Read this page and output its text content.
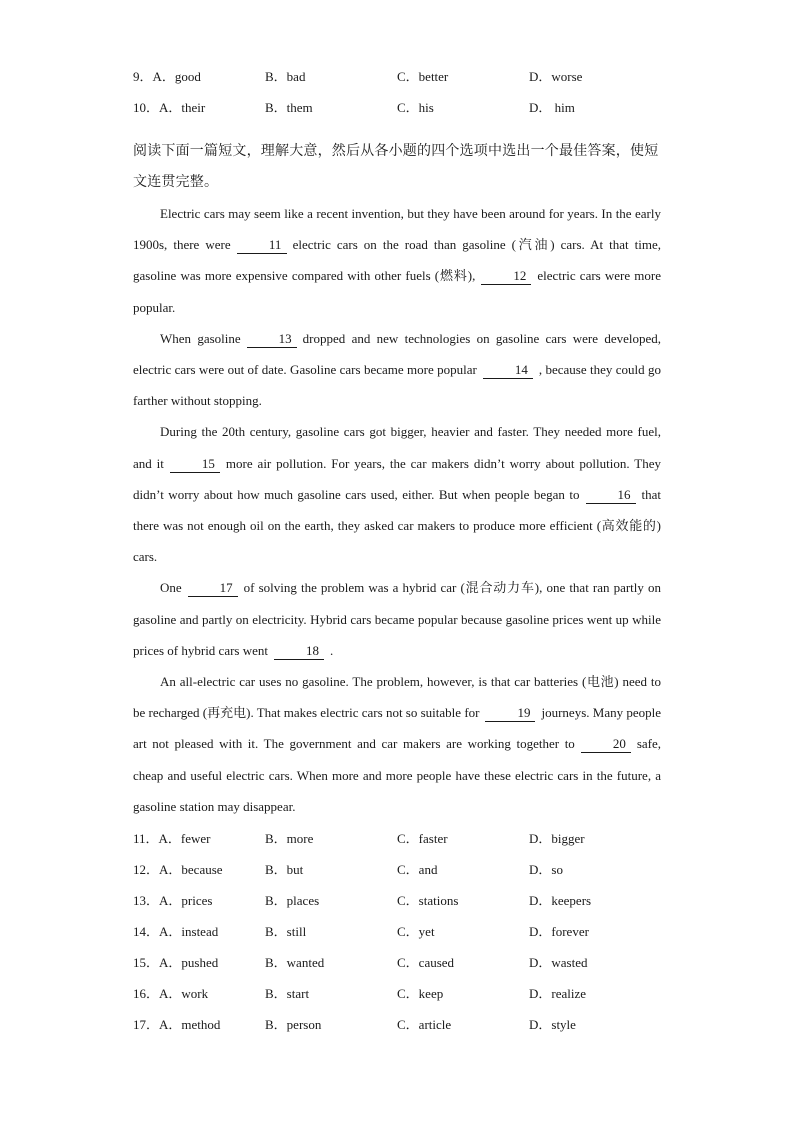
9．A．good	B．bad	C．better	D．worse
10．A．their	B．them	C．his	D． him
阅读下面一篇短文，理解大意，然后从各小题的四个选项中选出一个最佳答案，使短文连贯完整。

Electric cars may seem like a recent invention, but they have been around for years. In the early 1900s, there were	11 electric cars on the road than gasoline (汽油) cars. At that time, gasoline was more expensive compared with other fuels (燃料),	12 electric cars were more popular.

When gasoline	13 dropped and new technologies on gasoline cars were developed, electric cars were out of date. Gasoline cars became more popular	14 , because they could go farther without stopping.

During the 20th century, gasoline cars got bigger, heavier and faster. They needed more fuel, and it	15 more air pollution. For years, the car makers didn’t worry about pollution. They didn’t worry about how much gasoline cars used, either. But when people began to	16 that there was not enough oil on the earth, they asked car makers to produce more efficient (高效能的) cars.

One	17 of solving the problem was a hybrid car (混合动力车), one that ran partly on gasoline and partly on electricity. Hybrid cars became popular because gasoline prices went up while prices of hybrid cars went	18 .

An all-electric car uses no gasoline. The problem, however, is that car batteries (电池) need to be recharged (再充电). That makes electric cars not so suitable for	19 journeys. Many people art not pleased with it. The government and car makers are working together to	20 safe, cheap and useful electric cars. When more and more people have these electric cars in the future, a gasoline station may disappear.

11．A．fewer	B．more	C．faster	D．bigger
12．A．because	B．but	C．and	D．so
13．A．prices	B．places	C．stations	D．keepers
14．A．instead	B．still	C．yet	D．forever
15．A．pushed	B．wanted	C．caused	D．wasted
16．A．work	B．start	C．keep	D．realize
17．A．method	B．person	C．article	D．style
